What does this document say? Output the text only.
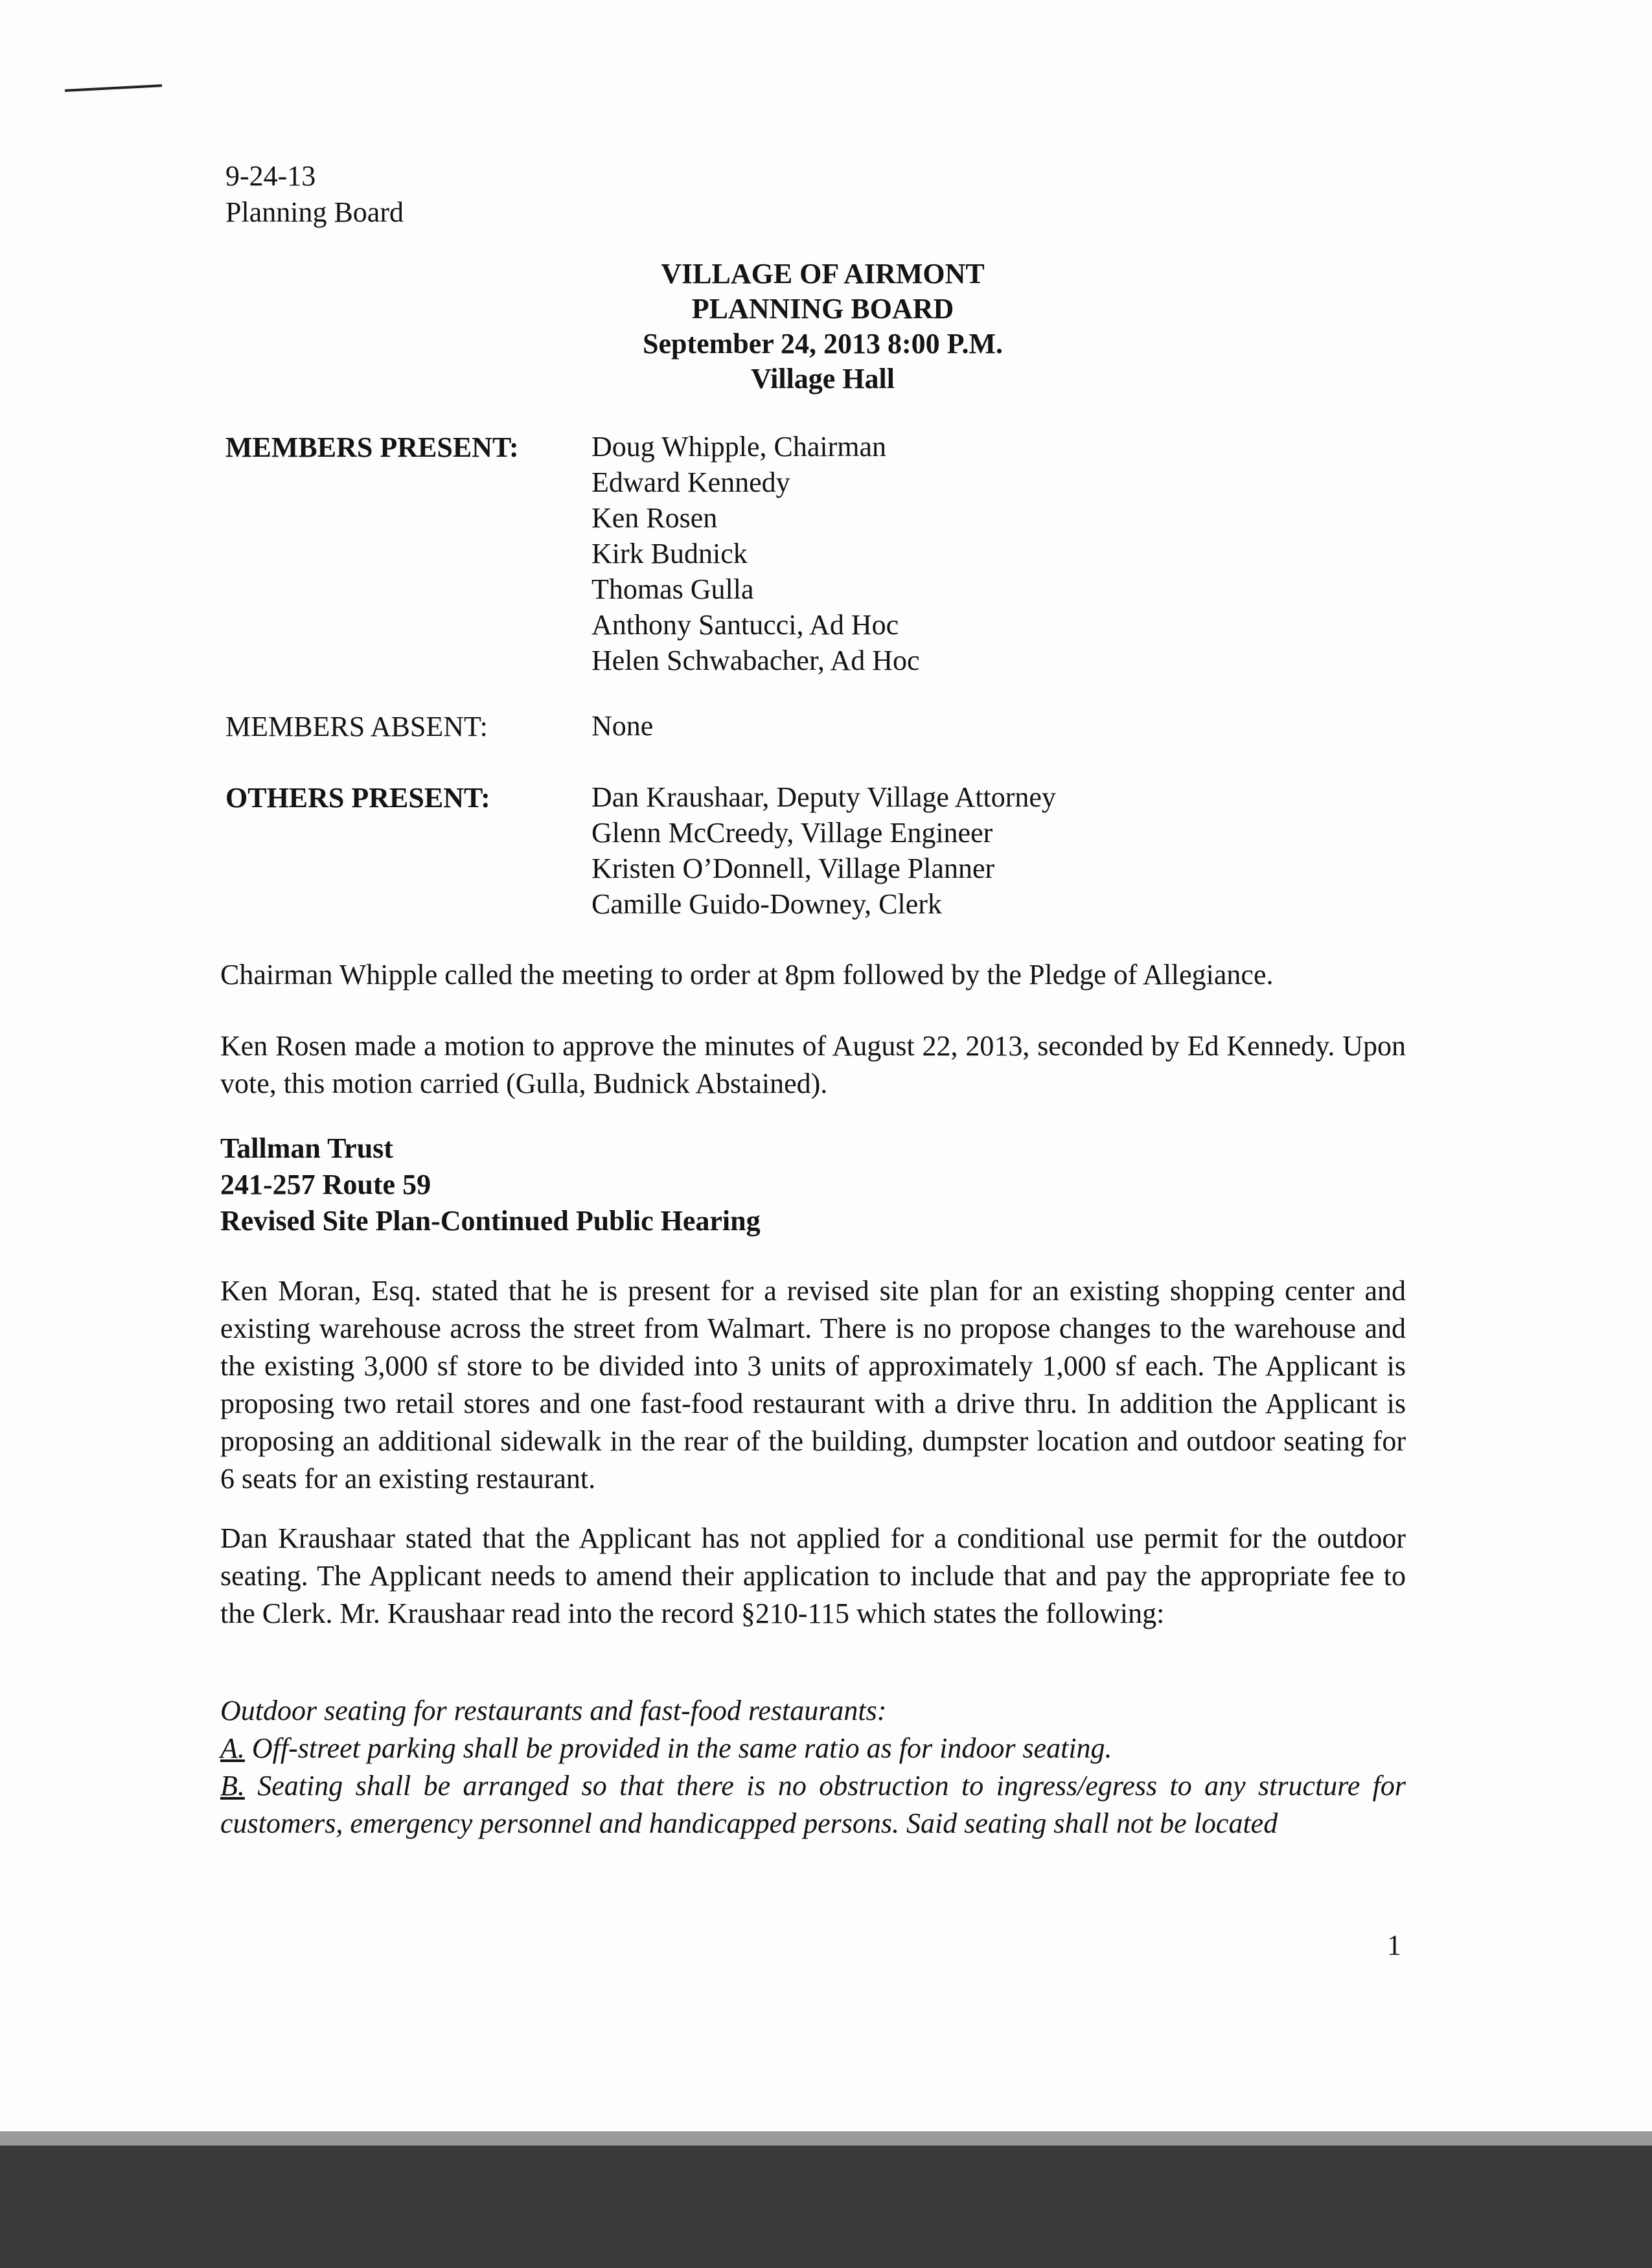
9-24-13
Planning Board
VILLAGE OF AIRMONT
PLANNING BOARD
September 24, 2013 8:00 P.M.
Village Hall
MEMBERS PRESENT:	Doug Whipple, Chairman
Edward Kennedy
Ken Rosen
Kirk Budnick
Thomas Gulla
Anthony Santucci, Ad Hoc
Helen Schwabacher, Ad Hoc
MEMBERS ABSENT:	None
OTHERS PRESENT:	Dan Kraushaar, Deputy Village Attorney
Glenn McCreedy, Village Engineer
Kristen O’Donnell, Village Planner
Camille Guido-Downey, Clerk
Chairman Whipple called the meeting to order at 8pm followed by the Pledge of Allegiance.
Ken Rosen made a motion to approve the minutes of August 22, 2013, seconded by Ed Kennedy. Upon vote, this motion carried (Gulla, Budnick Abstained).
Tallman Trust
241-257 Route 59
Revised Site Plan-Continued Public Hearing
Ken Moran, Esq. stated that he is present for a revised site plan for an existing shopping center and existing warehouse across the street from Walmart. There is no propose changes to the warehouse and the existing 3,000 sf store to be divided into 3 units of approximately 1,000 sf each. The Applicant is proposing two retail stores and one fast-food restaurant with a drive thru. In addition the Applicant is proposing an additional sidewalk in the rear of the building, dumpster location and outdoor seating for 6 seats for an existing restaurant.
Dan Kraushaar stated that the Applicant has not applied for a conditional use permit for the outdoor seating. The Applicant needs to amend their application to include that and pay the appropriate fee to the Clerk. Mr. Kraushaar read into the record §210-115 which states the following:
Outdoor seating for restaurants and fast-food restaurants:
A. Off-street parking shall be provided in the same ratio as for indoor seating.
B. Seating shall be arranged so that there is no obstruction to ingress/egress to any structure for customers, emergency personnel and handicapped persons. Said seating shall not be located
1
